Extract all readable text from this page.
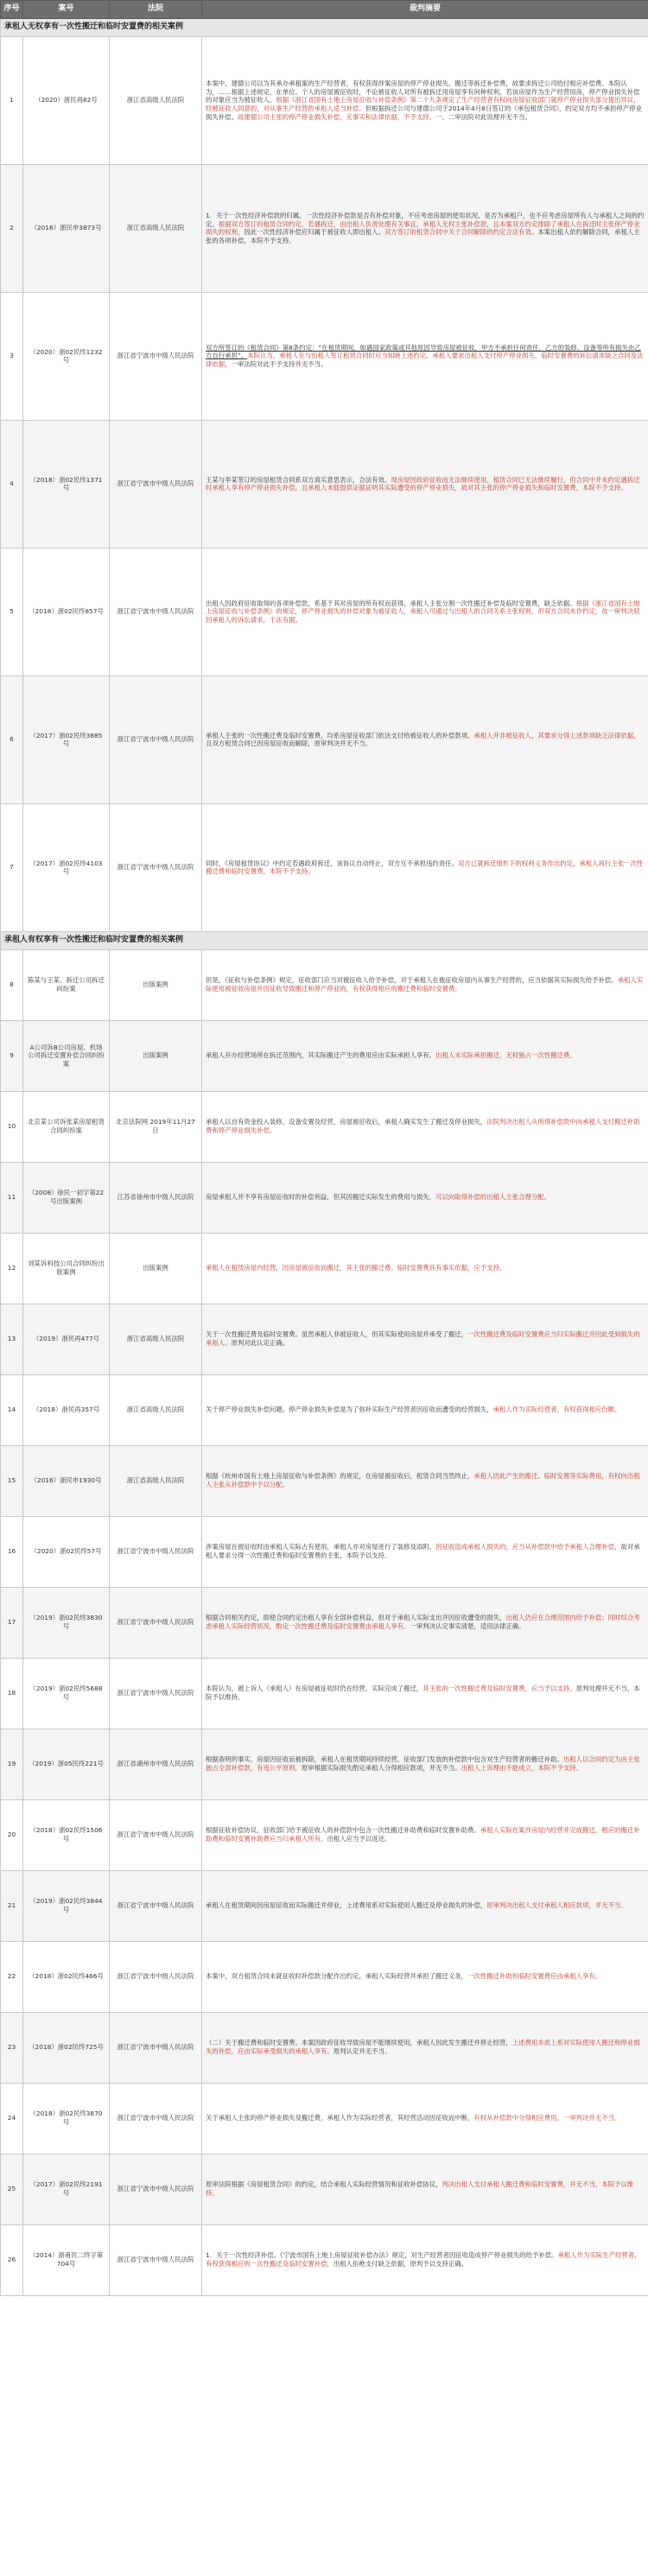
序号	案号	法院	裁判摘要
承租人无权享有一次性搬迁和临时安置费的相关案例			
1	（2020）浙民再82号	浙江省高级人民法院	本案中，建德公司以为其承办承租案的生产经营者，有权获得涉案房屋的停产停业损失、搬迁等拆迁补偿费，故要求拆迁公司给付相应补偿费。本院认为，……根据上述规定，在单位、个人的房屋被征收时，不论被征收人对所有被拆迁用房屋享有何种权利，若该房屋作为生产经营用房，停产停业损失补偿的对象应当为被征收人。根据《浙江省国有土地上房屋征收与补偿条例》第二十九条规定了生产经营者有权向房屋征收部门就停产停业损失部分提出异议，经被征收人同意的，对从事生产经营的承租人适当补偿。但根据拆迁公司与建德公司于2014年4月8日签订的《承包租赁合同》，约定双方均不承担停产停业损失补偿。故建德公司主张的停产停业损失补偿，无事实和法律依据，不予支持。一、二审法院对此说理并无不当。
2	（2016）浙民申3873号	浙江省高级人民法院	1．关于一次性经济补偿款的归属。一次性经济补偿款是否有补偿对象，不应考虑房屋的使用状况、是否为承租户，也不应考虑房屋所有人与承租人之间的约定。根据双方签订的租赁合同约定，若遇拆迁，由出租人负责处理有关事宜，承租人无权主张补偿款，且本案双方约定排除了承租人在拆迁时主张停产停业损失的权利，因此一次性经济补偿应归属于被征收人即出租人。双方签订的租赁合同中关于合同解除的约定合法有效。本案出租人依约解除合同，承租人主张的各项补偿，本院不予支持。
3	（2020）浙02民终1232号	浙江省宁波市中级人民法院	双方所签订的《租赁合同》第8条约定：“在租赁期间，如遇国家政策或其他原因导致房屋被征收，甲方不承担任何责任，乙方的装修、设备等所有损失由乙方自行承担”。本院认为，承租人在与出租人签订租赁合同时应当知晓上述约定，承租人要求出租人支付停产停业损失、临时安置费的诉讼请求缺乏合同及法律依据，一审法院对此不予支持并无不当。
4	（2018）浙02民终1371号	浙江省宁波市中级人民法院	王某与李某签订的房屋租赁合同系双方真实意思表示，合法有效。现房屋因政府征收而无法继续使用，租赁合同已无法继续履行，但合同中并未约定遇拆迁时承租人享有停产停业损失补偿，且承租人未能提供证据证明其实际遭受的停产停业损失，故对其主张的停产停业损失和临时安置费，本院不予支持。
5	（2018）浙02民终857号	浙江省宁波市中级人民法院	出租人因政府征收取得的各项补偿款，系基于其对房屋的所有权而获得，承租人主张分割一次性搬迁补偿及临时安置费，缺乏依据。根据《浙江省国有土地上房屋征收与补偿条例》的规定，停产停业损失的补偿对象为被征收人，承租人可通过与出租人的合同关系主张权利，但双方合同未作约定，故一审判决驳回承租人的诉讼请求，于法有据。
6	（2017）浙02民终3885号	浙江省宁波市中级人民法院	承租人主张的一次性搬迁费及临时安置费，均系房屋征收部门依法支付给被征收人的补偿款项。承租人并非被征收人，其要求分得上述款项缺乏法律依据，且双方租赁合同已因房屋征收而解除，原审判决并无不当。
7	（2017）浙02民终4103号	浙江省宁波市中级人民法院	同时，《房屋租赁协议》中约定若遇政府拆迁，该协议自动终止，双方互不承担违约责任。双方已就拆迁情形下的权利义务作出约定，承租人再行主张一次性搬迁费和临时安置费，本院不予支持。
承租人有权享有一次性搬迁和临时安置费的相关案例			
8	陈某与王某、拆迁公司拆迁纠纷案	出版案例	但是，《征收与补偿条例》规定，征收部门应当对被征收人给予补偿，对于承租人在被征收房屋内从事生产经营的，应当依据其实际损失给予补偿。承租人实际使用被征收房屋并因征收导致搬迁和停产停业的，有权获得相应的搬迁费和临时安置费。
9	A公司诉B公司房屋、机场公司拆迁安置补偿合同纠纷案	出版案例	承租人开办经营场所在拆迁范围内，其实际搬迁产生的费用应由实际承担人享有。出租人未实际承担搬迁，无权独占一次性搬迁费。
10	北京某公司诉张某房屋租赁合同纠纷案	北京法院网 2019年11月27日	承租人以自有资金投入装修、设备安置及经营，房屋被征收后，承租人确实发生了搬迁及停业损失，法院判决出租人从所得补偿款中向承租人支付搬迁补助费和停产停业损失补偿。
11	（2008）徐民一初字第22号出版案例	江苏省徐州市中级人民法院	房屋承租人并不享有房屋征收时的补偿利益，但其因搬迁实际发生的费用与损失，可以向取得补偿的出租人主张合理分配。
12	刘某诉科技公司合同纠纷出版案例	出版案例	承租人在租赁房屋内经营，因房屋被征收而搬迁，其主张的搬迁费、临时安置费具有事实依据，应予支持。
13	（2019）浙民再477号	浙江省高级人民法院	关于一次性搬迁费及临时安置费。虽然承租人非被征收人，但其实际使用房屋并承受了搬迁，一次性搬迁费及临时安置费应当归实际搬迁并因此受到损失的承租人。原判对此认定正确。
14	（2018）浙民再357号	浙江省高级人民法院	关于停产停业损失补偿问题。停产停业损失补偿是为了弥补实际生产经营者因征收而遭受的经营损失，承租人作为实际经营者，有权获得相应份额。
15	（2016）浙民申1930号	浙江省高级人民法院	根据《杭州市国有土地上房屋征收与补偿条例》的规定，在房屋被征收后，租赁合同当然终止，承租人因此产生的搬迁、临时安置等实际费用，有权向出租人主张从补偿款中予以分配。
16	（2020）浙02民终57号	浙江省宁波市中级人民法院	涉案房屋在被征收时由承租人实际占有使用，承租人亦对房屋进行了装修及添附。因征收造成承租人损失的，应当从补偿款中给予承租人合理补偿，故对承租人要求分得一次性搬迁费和临时安置费的主张，本院予以支持。
17	（2019）浙02民终3830号	浙江省宁波市中级人民法院	根据合同相关约定，即使合同约定出租人享有全部补偿利益，但对于承租人实际支出并因征收遭受的损失，出租人仍应在合理范围内给予补偿；同时综合考虑承租人实际经营状况，酌定一次性搬迁费及临时安置费由承租人享有。一审判决认定事实清楚，适用法律正确。
18	（2019）浙02民终5688号	浙江省宁波市中级人民法院	本院认为，被上诉人（承租人）在房屋被征收时仍在经营，实际完成了搬迁，其主张的一次性搬迁费及临时安置费，应当予以支持。原判处理并无不当，本院予以维持。
19	（2019）浙05民终221号	浙江省湖州市中级人民法院	根据查明的事实，房屋因征收而被拆除，承租人在租赁期间持续经营，征收部门发放的补偿款中包含对生产经营者的搬迁补助。出租人以合同约定为由主张独占全部补偿款，有违公平原则，原审根据实际损失酌定承租人分得相应款项，并无不当。出租人上诉理由不能成立，本院不予支持。
20	（2018）浙02民终1506号	浙江省宁波市中级人民法院	根据征收补偿协议，征收部门给予被征收人的补偿款中包含一次性搬迁补助费和临时安置补助费。承租人实际在案涉房屋内经营并完成搬迁，相应的搬迁补助费和临时安置补助费应当归承租人所有，出租人应当予以返还。
21	（2019）浙02民终3844号	浙江省宁波市中级人民法院	承租人在租赁期间因房屋征收而实际搬迁并停业，上述费用系对实际使用人搬迁及停业损失的补偿，原审判决出租人支付承租人相应款项，并无不当。
22	（2018）浙02民终466号	浙江省宁波市中级人民法院	本案中，双方租赁合同未就征收时补偿款分配作出约定，承租人实际经营并承担了搬迁义务，一次性搬迁补助和临时安置费应由承租人享有。
23	（2018）浙02民终725号	浙江省宁波市中级人民法院	（二）关于搬迁费和临时安置费。本案因政府征收导致房屋不能继续使用，承租人因此发生搬迁并停止经营，上述费用本质上系对实际使用人搬迁和停业损失的补偿，应由实际承受损失的承租人享有。原判认定并无不当。
24	（2018）浙02民终3870号	浙江省宁波市中级人民法院	关于承租人主张的停产停业损失及搬迁费，承租人作为实际经营者，其经营活动因征收而中断，有权从补偿款中分得相应费用，一审判决并无不当。
25	（2017）浙02民终2191号	浙江省宁波市中级人民法院	原审法院根据《房屋租赁合同》的约定，结合承租人实际经营情况和征收补偿协议，判决出租人支付承租人搬迁费和临时安置费，并无不当，本院予以维持。
26	（2014）浙甬民二终字第704号	浙江省宁波市中级人民法院	1．关于一次性经济补偿。《宁波市国有土地上房屋征收补偿办法》规定，对生产经营者因征收造成停产停业损失的给予补偿。承租人作为实际生产经营者，有权获得相应的一次性搬迁及临时安置补偿，出租人拒绝支付缺乏依据，原判予以支持正确。
